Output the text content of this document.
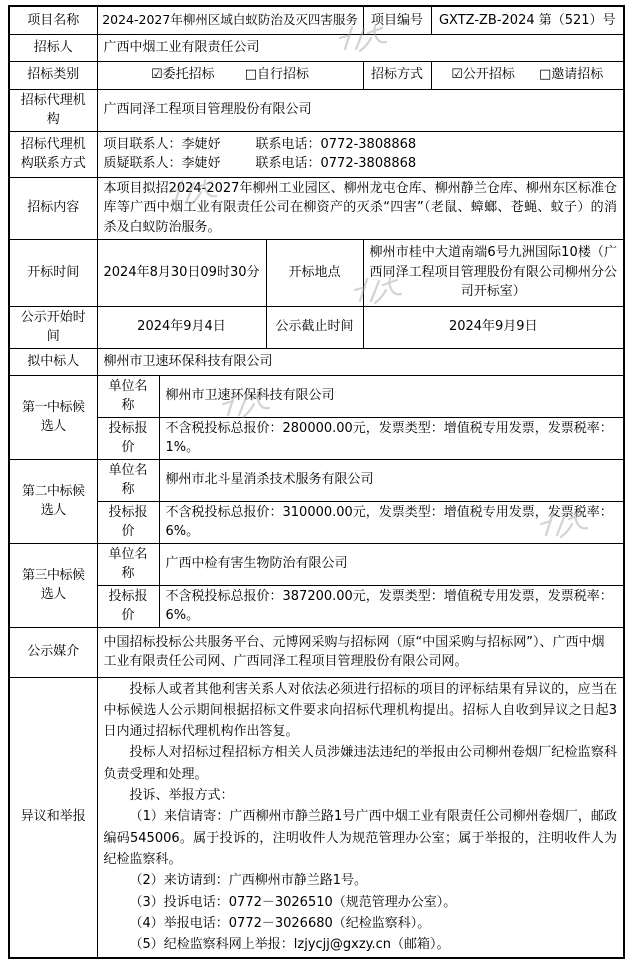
项目名称	2024-2027年柳州区域白蚁防治及灭四害服务			项目编号	GXTZ-ZB-2024 第（521）号
招标人	广西中烟工业有限责任公司				
招标类别	☑委托招标 □自行招标			招标方式	☑公开招标 □邀请招标

招标代理机构	广西同泽工程项目管理股份有限公司				
招标代理机构联系方式	项目联系人：李婕妤 联系电话：0772-3808868
质疑联系人：李婕妤 联系电话：0772-3808868				

招标内容	本项目拟招2024-2027年柳州工业园区、柳州龙屯仓库、柳州静兰仓库、柳州东区标准仓库等广西中烟工业有限责任公司在柳资产的灭杀“四害”（老鼠、蟑螂、苍蝇、蚊子）的消杀及白蚁防治服务。				
开标时间	2024年8月30日09时30分		开标地点	柳州市桂中大道南端6号九洲国际10楼（广西同泽工程项目管理股份有限公司柳州分公司开标室）	
公示开始时间	2024年9月4日		公示截止时间	2024年9月9日	
拟中标人	柳州市卫速环保科技有限公司				
第一中标候选人	单位名称	柳州市卫速环保科技有限公司			
	投标报价	不含税投标总报价：280000.00元，发票类型：增值税专用发票，发票税率：1%。			
第二中标候选人	单位名称	柳州市北斗星消杀技术服务有限公司			
	投标报价	不含税投标总报价：310000.00元，发票类型：增值税专用发票，发票税率：6%。			
第三中标候选人	单位名称	广西中检有害生物防治有限公司			
	投标报价	不含税投标总报价：387200.00元，发票类型：增值税专用发票，发票税率：6%。			
公示媒介	中国招标投标公共服务平台、元博网采购与招标网（原“中国采购与招标网”）、广西中烟工业有限责任公司网、广西同泽工程项目管理股份有限公司网。				
异议和举报	

投标人或者其他利害关系人对依法必须进行招标的项目的评标结果有异议的，应当在中标候选人公示期间根据招标文件要求向招标代理机构提出。招标人自收到异议之日起3日内通过招标代理机构作出答复。

投标人对招标过程招标方相关人员涉嫌违法违纪的举报由公司柳州卷烟厂纪检监察科负责受理和处理。

投诉、举报方式：

（1）来信请寄：广西柳州市静兰路1号广西中烟工业有限责任公司柳州卷烟厂，邮政编码545006。属于投诉的，注明收件人为规范管理办公室；属于举报的，注明收件人为纪检监察科。

（2）来访请到：广西柳州市静兰路1号。

（3）投诉电话：0772－3026510（规范管理办公室）。

（4）举报电话：0772－3026680（纪检监察科）。

（5）纪检监察科网上举报：lzjycjj@gxzy.cn（邮箱）。
